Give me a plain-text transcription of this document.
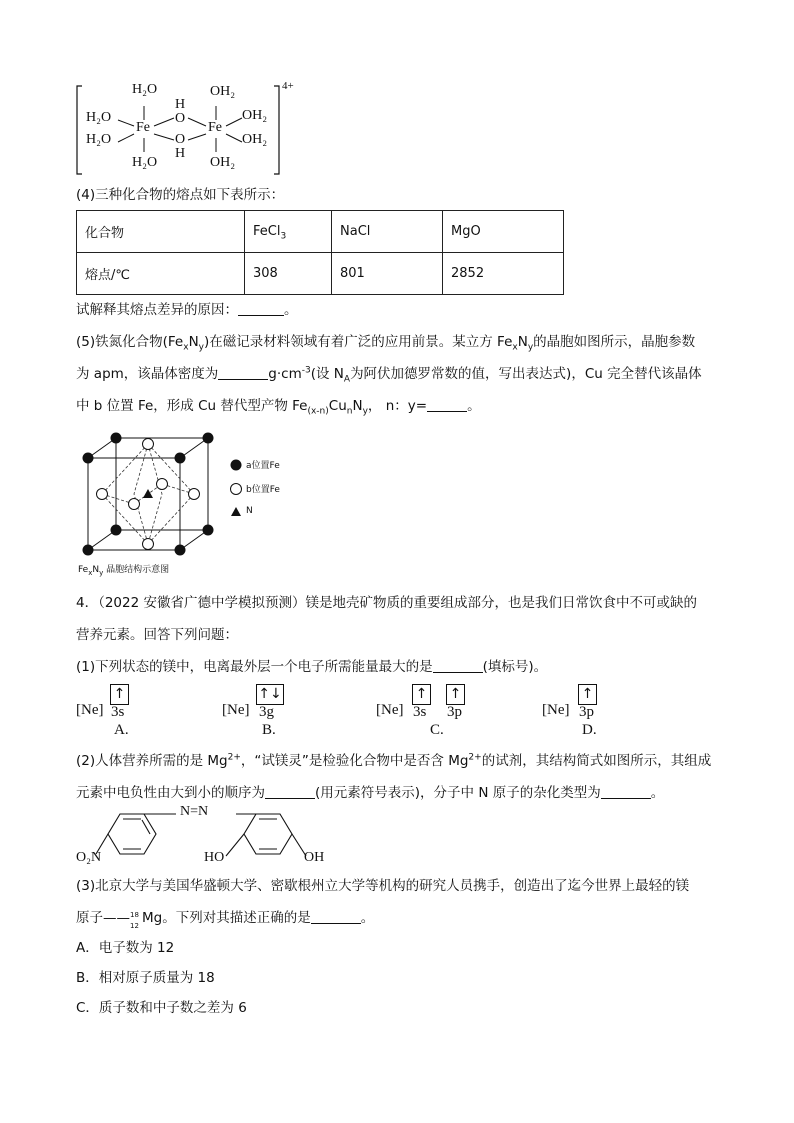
H₂O
H₂O
H₂O
H₂O
Fe
H
O
O
H
Fe
OH₂
OH₂
OH₂
OH₂
4+
(4)三种化合物的熔点如下表所示：
化合物	FeCl$_3$	NaCl	MgO
熔点/℃	308	801	2852
试解释其熔点差异的原因：	。
(5)铁氮化合物$(Fe_xN_y)$在磁记录材料领域有着广泛的应用前景。某立方 $Fe_xN_y$的晶胞如图所示，晶胞参数
为 apm，该晶体密度为	$g\cdot cm^{-3}$(设 $N_A$为阿伏加德罗常数的值，写出表达式)，Cu 完全替代该晶体
中 b 位置 Fe，形成 Cu 替代型产物 $Fe_{(x-n)}Cu_nN_y$， n：y=	。
a位置Fe
b位置Fe
N
$Fe_xN_y$ 晶胞结构示意图
4．（2022 安徽省广德中学模拟预测）镁是地壳矿物质的重要组成部分，也是我们日常饮食中不可或缺的
营养元素。回答下列问题：
(1)下列状态的镁中，电离最外层一个电子所需能量最大的是	(填标号)。
[Ne]
↑
3s
A.
[Ne]
↑↓
3g
B.
[Ne]
↑ ↑
3s 3p
C.
[Ne]
↑
3p
D.
(2)人体营养所需的是 $Mg^{2+}$，“试镁灵”是检验化合物中是否含 $Mg^{2+}$的试剂，其结构简式如图所示，其组成
元素中电负性由大到小的顺序为	(用元素符号表示)，分子中 N 原子的杂化类型为	。
N=N
O₂N	HO	OH
(3)北京大学与美国华盛顿大学、密歇根州立大学等机构的研究人员携手，创造出了迄今世界上最轻的镁
原子—— 18
12 Mg。下列对其描述正确的是	。
A．电子数为 12
B．相对原子质量为 18
C．质子数和中子数之差为 6
